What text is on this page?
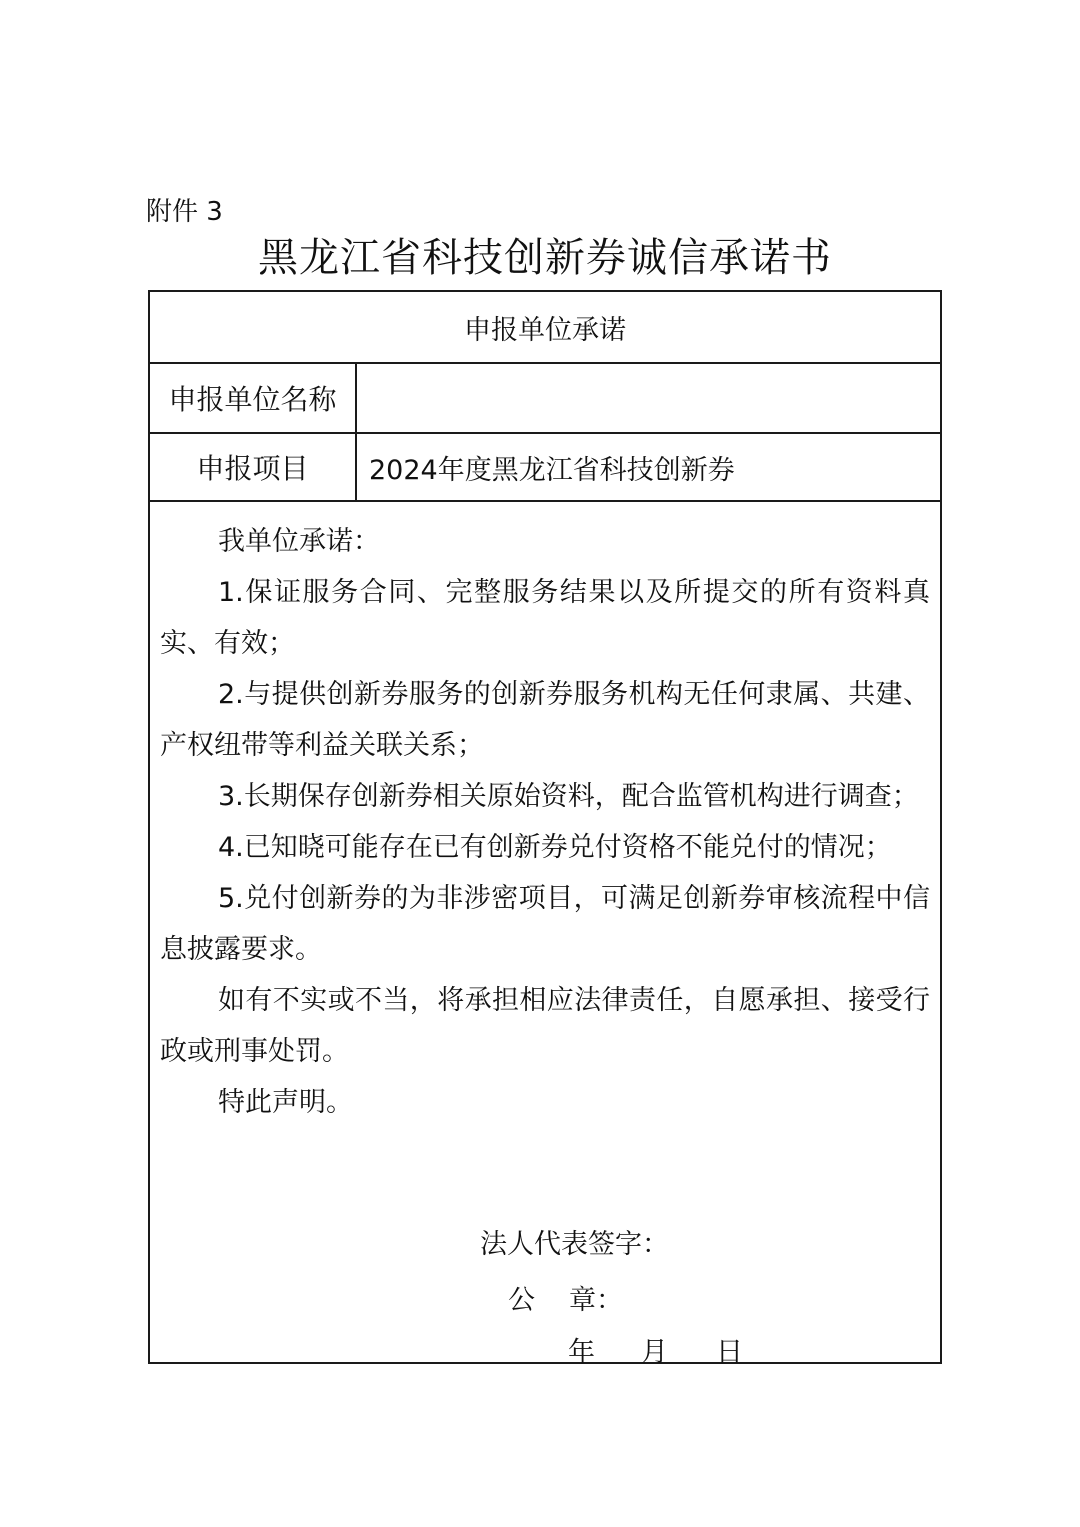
附件 3
黑龙江省科技创新券诚信承诺书
申报单位承诺
申报单位名称
申报项目	2024年度黑龙江省科技创新券

我单位承诺：

1.保证服务合同、完整服务结果以及所提交的所有资料真实、有效；

2.与提供创新券服务的创新券服务机构无任何隶属、共建、产权纽带等利益关联关系；

3.长期保存创新券相关原始资料，配合监管机构进行调查；

4.已知晓可能存在已有创新券兑付资格不能兑付的情况；

5.兑付创新券的为非涉密项目，可满足创新券审核流程中信息披露要求。

如有不实或不当，将承担相应法律责任，自愿承担、接受行政或刑事处罚。

特此声明。

法人代表签字：
公 章：
年 月 日
